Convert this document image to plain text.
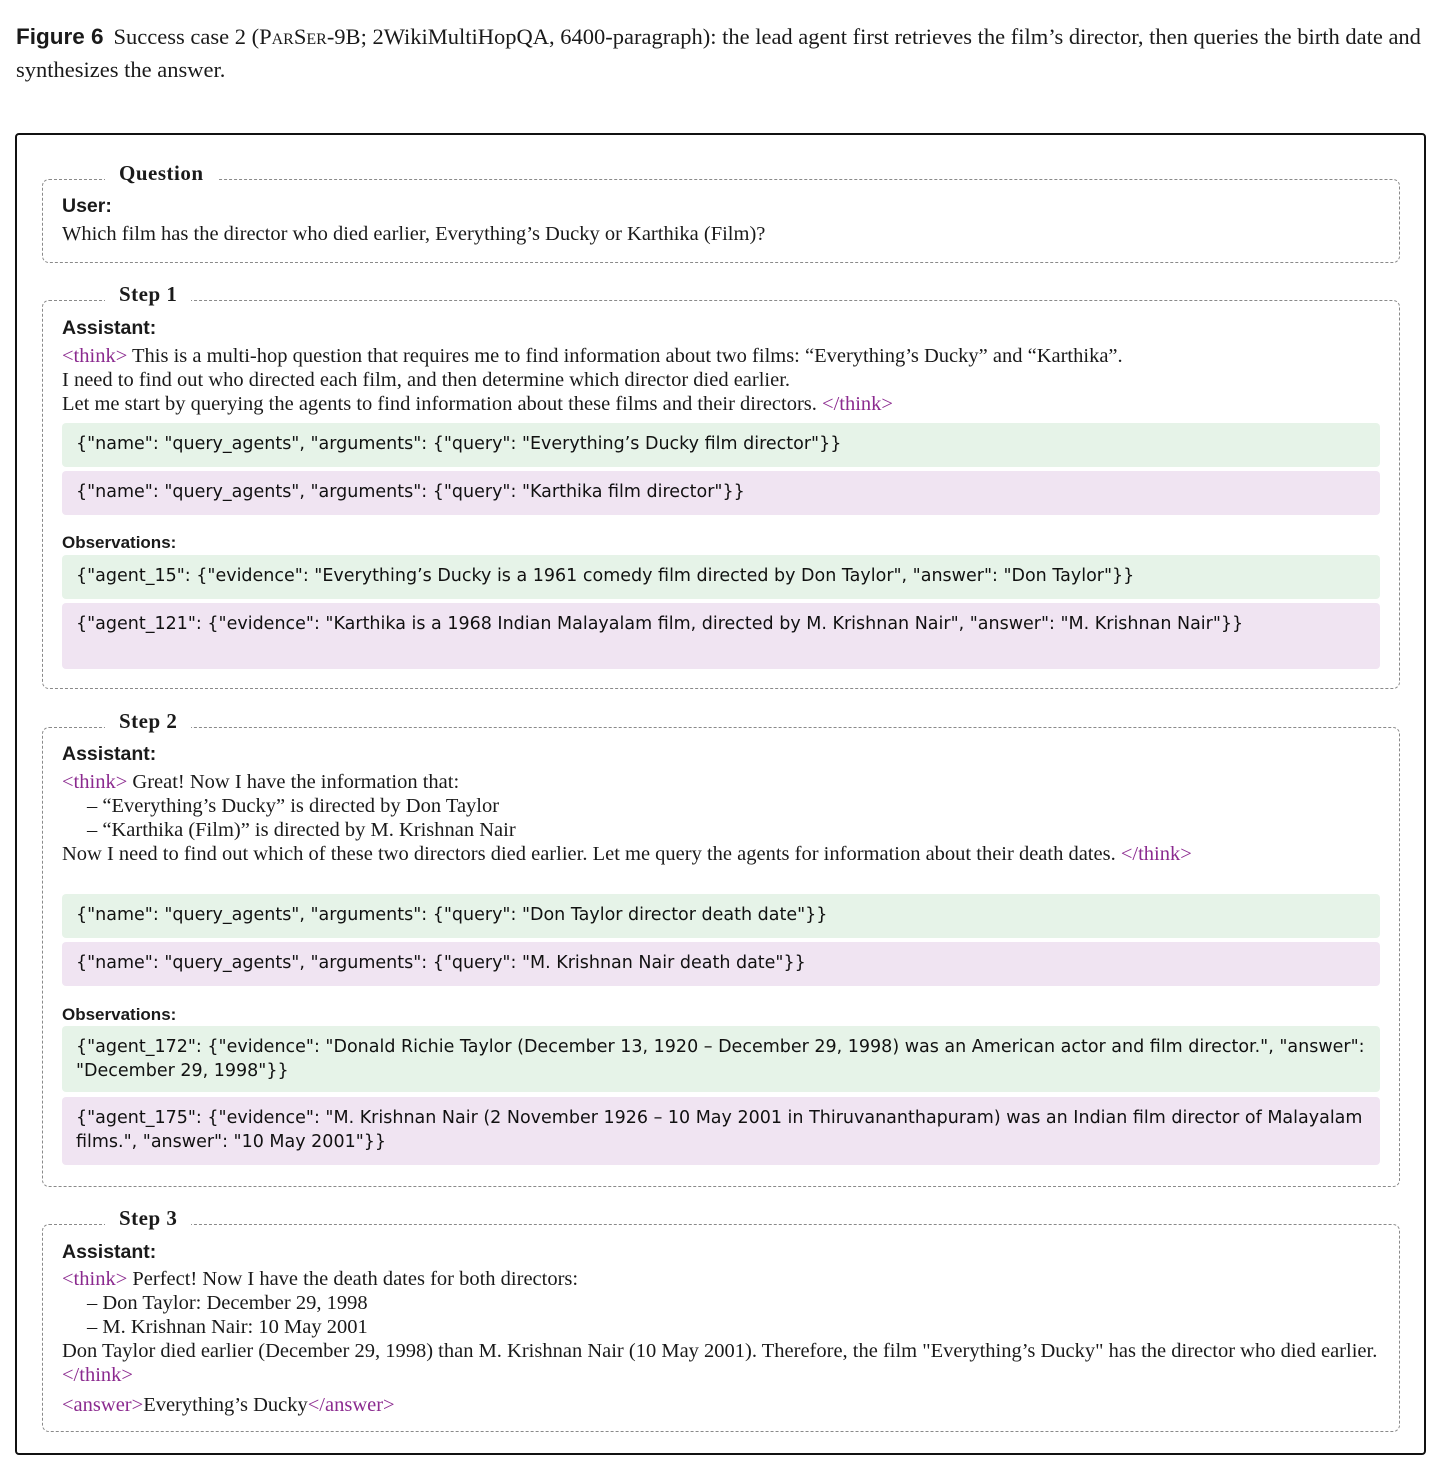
Figure 6 Success case 2 (ParSer-9B; 2WikiMultiHopQA, 6400-paragraph): the lead agent first retrieves the film’s director, then queries the birth date and synthesizes the answer.
Question
User:
Which film has the director who died earlier, Everything’s Ducky or Karthika (Film)?
Step 1
Assistant:
<think> This is a multi-hop question that requires me to find information about two films: “Everything’s Ducky” and “Karthika”.
I need to find out who directed each film, and then determine which director died earlier.
Let me start by querying the agents to find information about these films and their directors. </think>
{"name": "query_agents", "arguments": {"query": "Everything’s Ducky film director"}}
{"name": "query_agents", "arguments": {"query": "Karthika film director"}}
Observations:
{"agent_15": {"evidence": "Everything’s Ducky is a 1961 comedy film directed by Don Taylor", "answer": "Don Taylor"}}
{"agent_121": {"evidence": "Karthika is a 1968 Indian Malayalam film, directed by M. Krishnan Nair", "answer": "M. Krishnan Nair"}}
Step 2
Assistant:
<think> Great! Now I have the information that:
– “Everything’s Ducky” is directed by Don Taylor
– “Karthika (Film)” is directed by M. Krishnan Nair
Now I need to find out which of these two directors died earlier. Let me query the agents for information about their death dates. </think>
{"name": "query_agents", "arguments": {"query": "Don Taylor director death date"}}
{"name": "query_agents", "arguments": {"query": "M. Krishnan Nair death date"}}
Observations:
{"agent_172": {"evidence": "Donald Richie Taylor (December 13, 1920 – December 29, 1998) was an American actor and film director.", "answer": "December 29, 1998"}}
{"agent_175": {"evidence": "M. Krishnan Nair (2 November 1926 – 10 May 2001 in Thiruvananthapuram) was an Indian film director of Malayalam films.", "answer": "10 May 2001"}}
Step 3
Assistant:
<think> Perfect! Now I have the death dates for both directors:
– Don Taylor: December 29, 1998
– M. Krishnan Nair: 10 May 2001
Don Taylor died earlier (December 29, 1998) than M. Krishnan Nair (10 May 2001). Therefore, the film "Everything’s Ducky" has the director who died earlier. </think>
<answer>Everything’s Ducky</answer>
